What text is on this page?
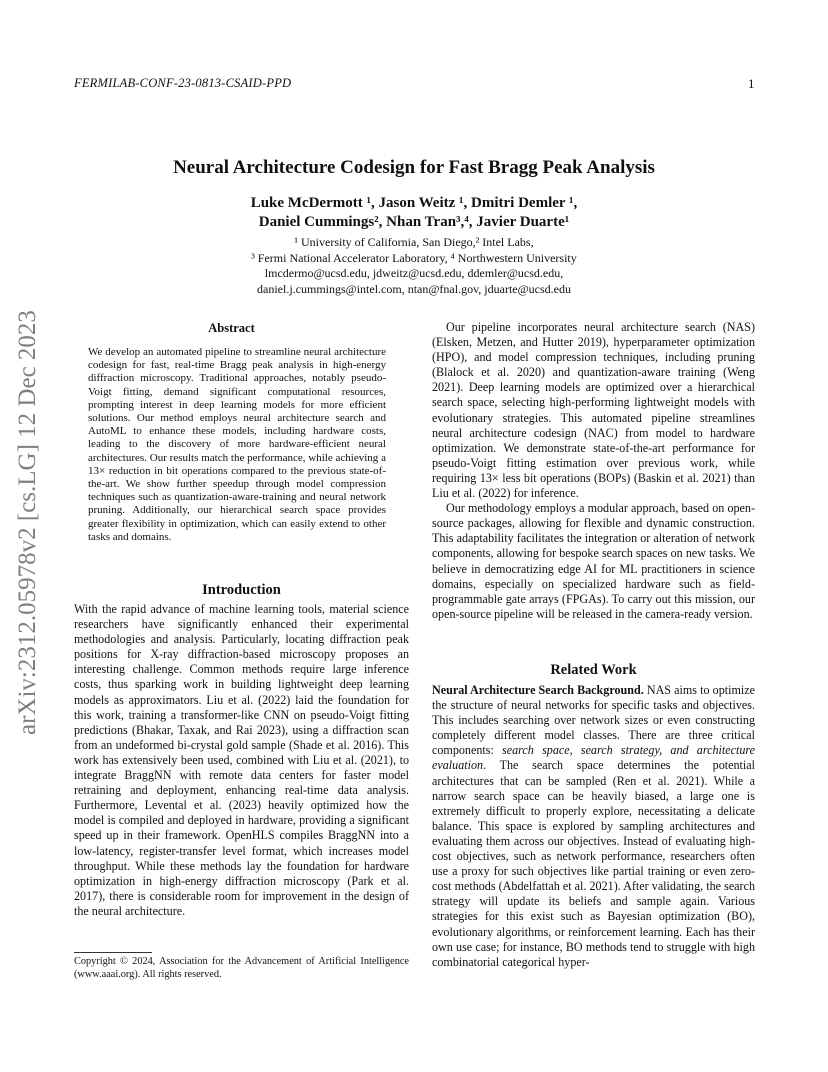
FERMILAB-CONF-23-0813-CSAID-PPD	1
arXiv:2312.05978v2 [cs.LG] 12 Dec 2023
Neural Architecture Codesign for Fast Bragg Peak Analysis
Luke McDermott ¹, Jason Weitz ¹, Dmitri Demler ¹,
Daniel Cummings², Nhan Tran³,⁴, Javier Duarte¹
¹ University of California, San Diego,² Intel Labs,
³ Fermi National Accelerator Laboratory, ⁴ Northwestern University
lmcdermo@ucsd.edu, jdweitz@ucsd.edu, ddemler@ucsd.edu,
daniel.j.cummings@intel.com, ntan@fnal.gov, jduarte@ucsd.edu
Abstract

We develop an automated pipeline to streamline neural architecture codesign for fast, real-time Bragg peak analysis in high-energy diffraction microscopy. Traditional approaches, notably pseudo-Voigt fitting, demand significant computational resources, prompting interest in deep learning models for more efficient solutions. Our method employs neural architecture search and AutoML to enhance these models, including hardware costs, leading to the discovery of more hardware-efficient neural architectures. Our results match the performance, while achieving a 13× reduction in bit operations compared to the previous state-of-the-art. We show further speedup through model compression techniques such as quantization-aware-training and neural network pruning. Additionally, our hierarchical search space provides greater flexibility in optimization, which can easily extend to other tasks and domains.

Introduction

With the rapid advance of machine learning tools, material science researchers have significantly enhanced their experimental methodologies and analysis. Particularly, locating diffraction peak positions for X-ray diffraction-based microscopy proposes an interesting challenge. Common methods require large inference costs, thus sparking work in building lightweight deep learning models as approximators. Liu et al. (2022) laid the foundation for this work, training a transformer-like CNN on pseudo-Voigt fitting predictions (Bhakar, Taxak, and Rai 2023), using a diffraction scan from an undeformed bi-crystal gold sample (Shade et al. 2016). This work has extensively been used, combined with Liu et al. (2021), to integrate BraggNN with remote data centers for faster model retraining and deployment, enhancing real-time data analysis. Furthermore, Levental et al. (2023) heavily optimized how the model is compiled and deployed in hardware, providing a significant speed up in their framework. OpenHLS compiles BraggNN into a low-latency, register-transfer level format, which increases model throughput. While these methods lay the foundation for hardware optimization in high-energy diffraction microscopy (Park et al. 2017), there is considerable room for improvement in the design of the neural architecture.

Copyright © 2024, Association for the Advancement of Artificial Intelligence (www.aaai.org). All rights reserved.

Our pipeline incorporates neural architecture search (NAS) (Elsken, Metzen, and Hutter 2019), hyperparameter optimization (HPO), and model compression techniques, including pruning (Blalock et al. 2020) and quantization-aware training (Weng 2021). Deep learning models are optimized over a hierarchical search space, selecting high-performing lightweight models with evolutionary strategies. This automated pipeline streamlines neural architecture codesign (NAC) from model to hardware optimization. We demonstrate state-of-the-art performance for pseudo-Voigt fitting estimation over previous work, while requiring 13× less bit operations (BOPs) (Baskin et al. 2021) than Liu et al. (2022) for inference.

Our methodology employs a modular approach, based on open-source packages, allowing for flexible and dynamic construction. This adaptability facilitates the integration or alteration of network components, allowing for bespoke search spaces on new tasks. We believe in democratizing edge AI for ML practitioners in science domains, especially on specialized hardware such as field-programmable gate arrays (FPGAs). To carry out this mission, our open-source pipeline will be released in the camera-ready version.

Related Work

Neural Architecture Search Background. NAS aims to optimize the structure of neural networks for specific tasks and objectives. This includes searching over network sizes or even constructing completely different model classes. There are three critical components: search space, search strategy, and architecture evaluation. The search space determines the potential architectures that can be sampled (Ren et al. 2021). While a narrow search space can be heavily biased, a large one is extremely difficult to properly explore, necessitating a delicate balance. This space is explored by sampling architectures and evaluating them across our objectives. Instead of evaluating high-cost objectives, such as network performance, researchers often use a proxy for such objectives like partial training or even zero-cost methods (Abdelfattah et al. 2021). After validating, the search strategy will update its beliefs and sample again. Various strategies for this exist such as Bayesian optimization (BO), evolutionary algorithms, or reinforcement learning. Each has their own use case; for instance, BO methods tend to struggle with high combinatorial categorical hyper-
